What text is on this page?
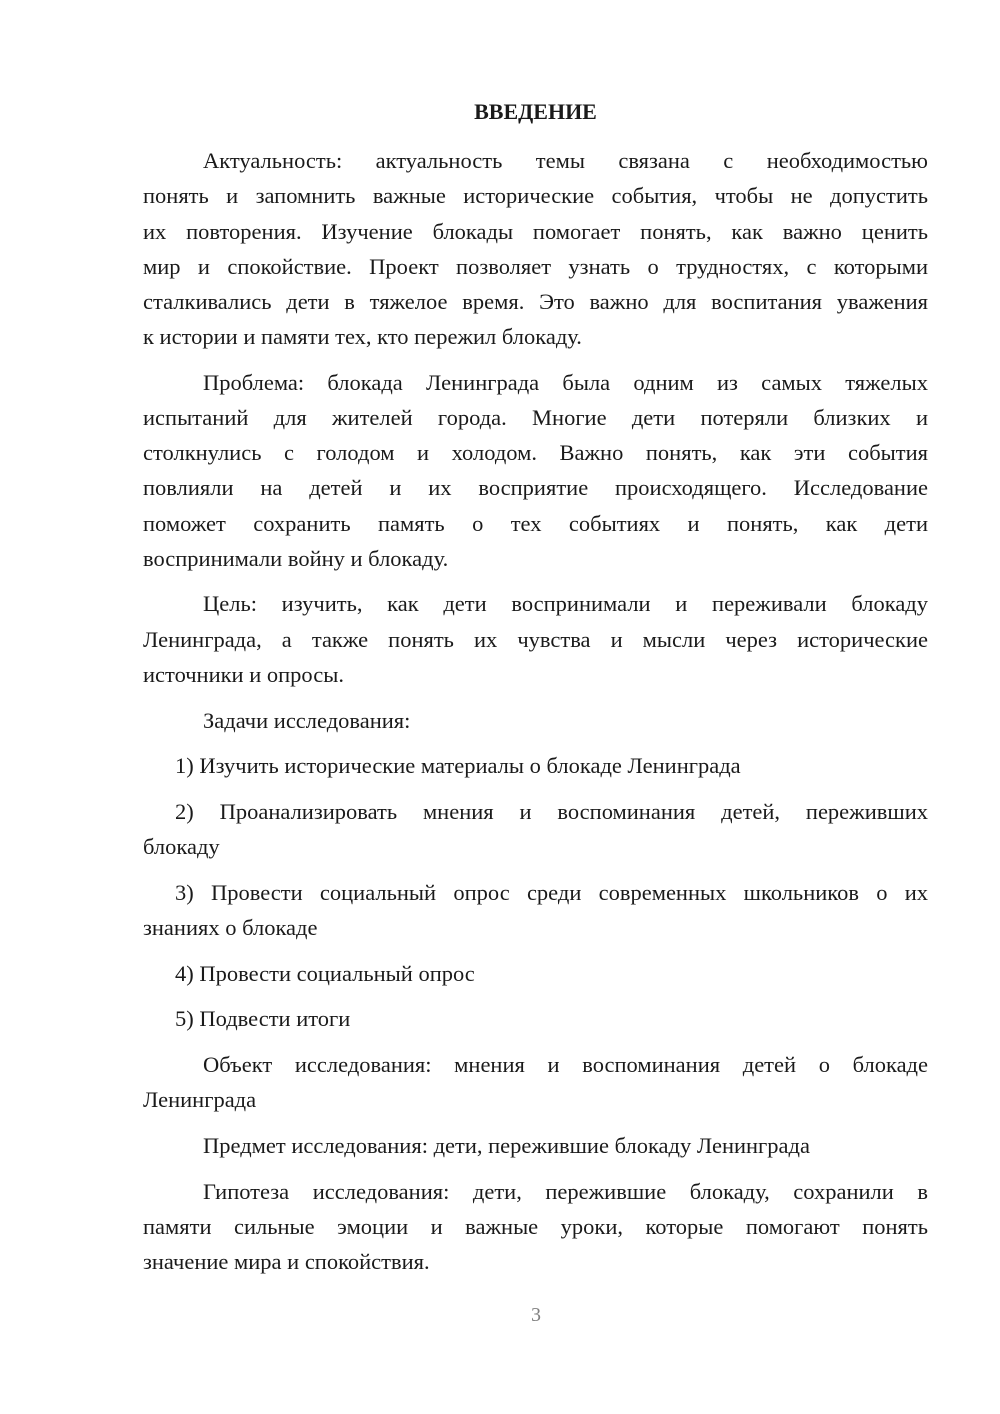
ВВЕДЕНИЕ
Актуальность: актуальность темы связана с необходимостью
понять и запомнить важные исторические события, чтобы не допустить
их повторения. Изучение блокады помогает понять, как важно ценить
мир и спокойствие. Проект позволяет узнать о трудностях, с которыми
сталкивались дети в тяжелое время. Это важно для воспитания уважения
к истории и памяти тех, кто пережил блокаду.
Проблема: блокада Ленинграда была одним из самых тяжелых
испытаний для жителей города. Многие дети потеряли близких и
столкнулись с голодом и холодом. Важно понять, как эти события
повлияли на детей и их восприятие происходящего. Исследование
поможет сохранить память о тех событиях и понять, как дети
воспринимали войну и блокаду.
Цель: изучить, как дети воспринимали и переживали блокаду
Ленинграда, а также понять их чувства и мысли через исторические
источники и опросы.
Задачи исследования:
1) Изучить исторические материалы о блокаде Ленинграда
2) Проанализировать мнения и воспоминания детей, переживших
блокаду
3) Провести социальный опрос среди современных школьников о их
знаниях о блокаде
4) Провести социальный опрос
5) Подвести итоги
Объект исследования: мнения и воспоминания детей о блокаде
Ленинграда
Предмет исследования: дети, пережившие блокаду Ленинграда
Гипотеза исследования: дети, пережившие блокаду, сохранили в
памяти сильные эмоции и важные уроки, которые помогают понять
значение мира и спокойствия.
3
